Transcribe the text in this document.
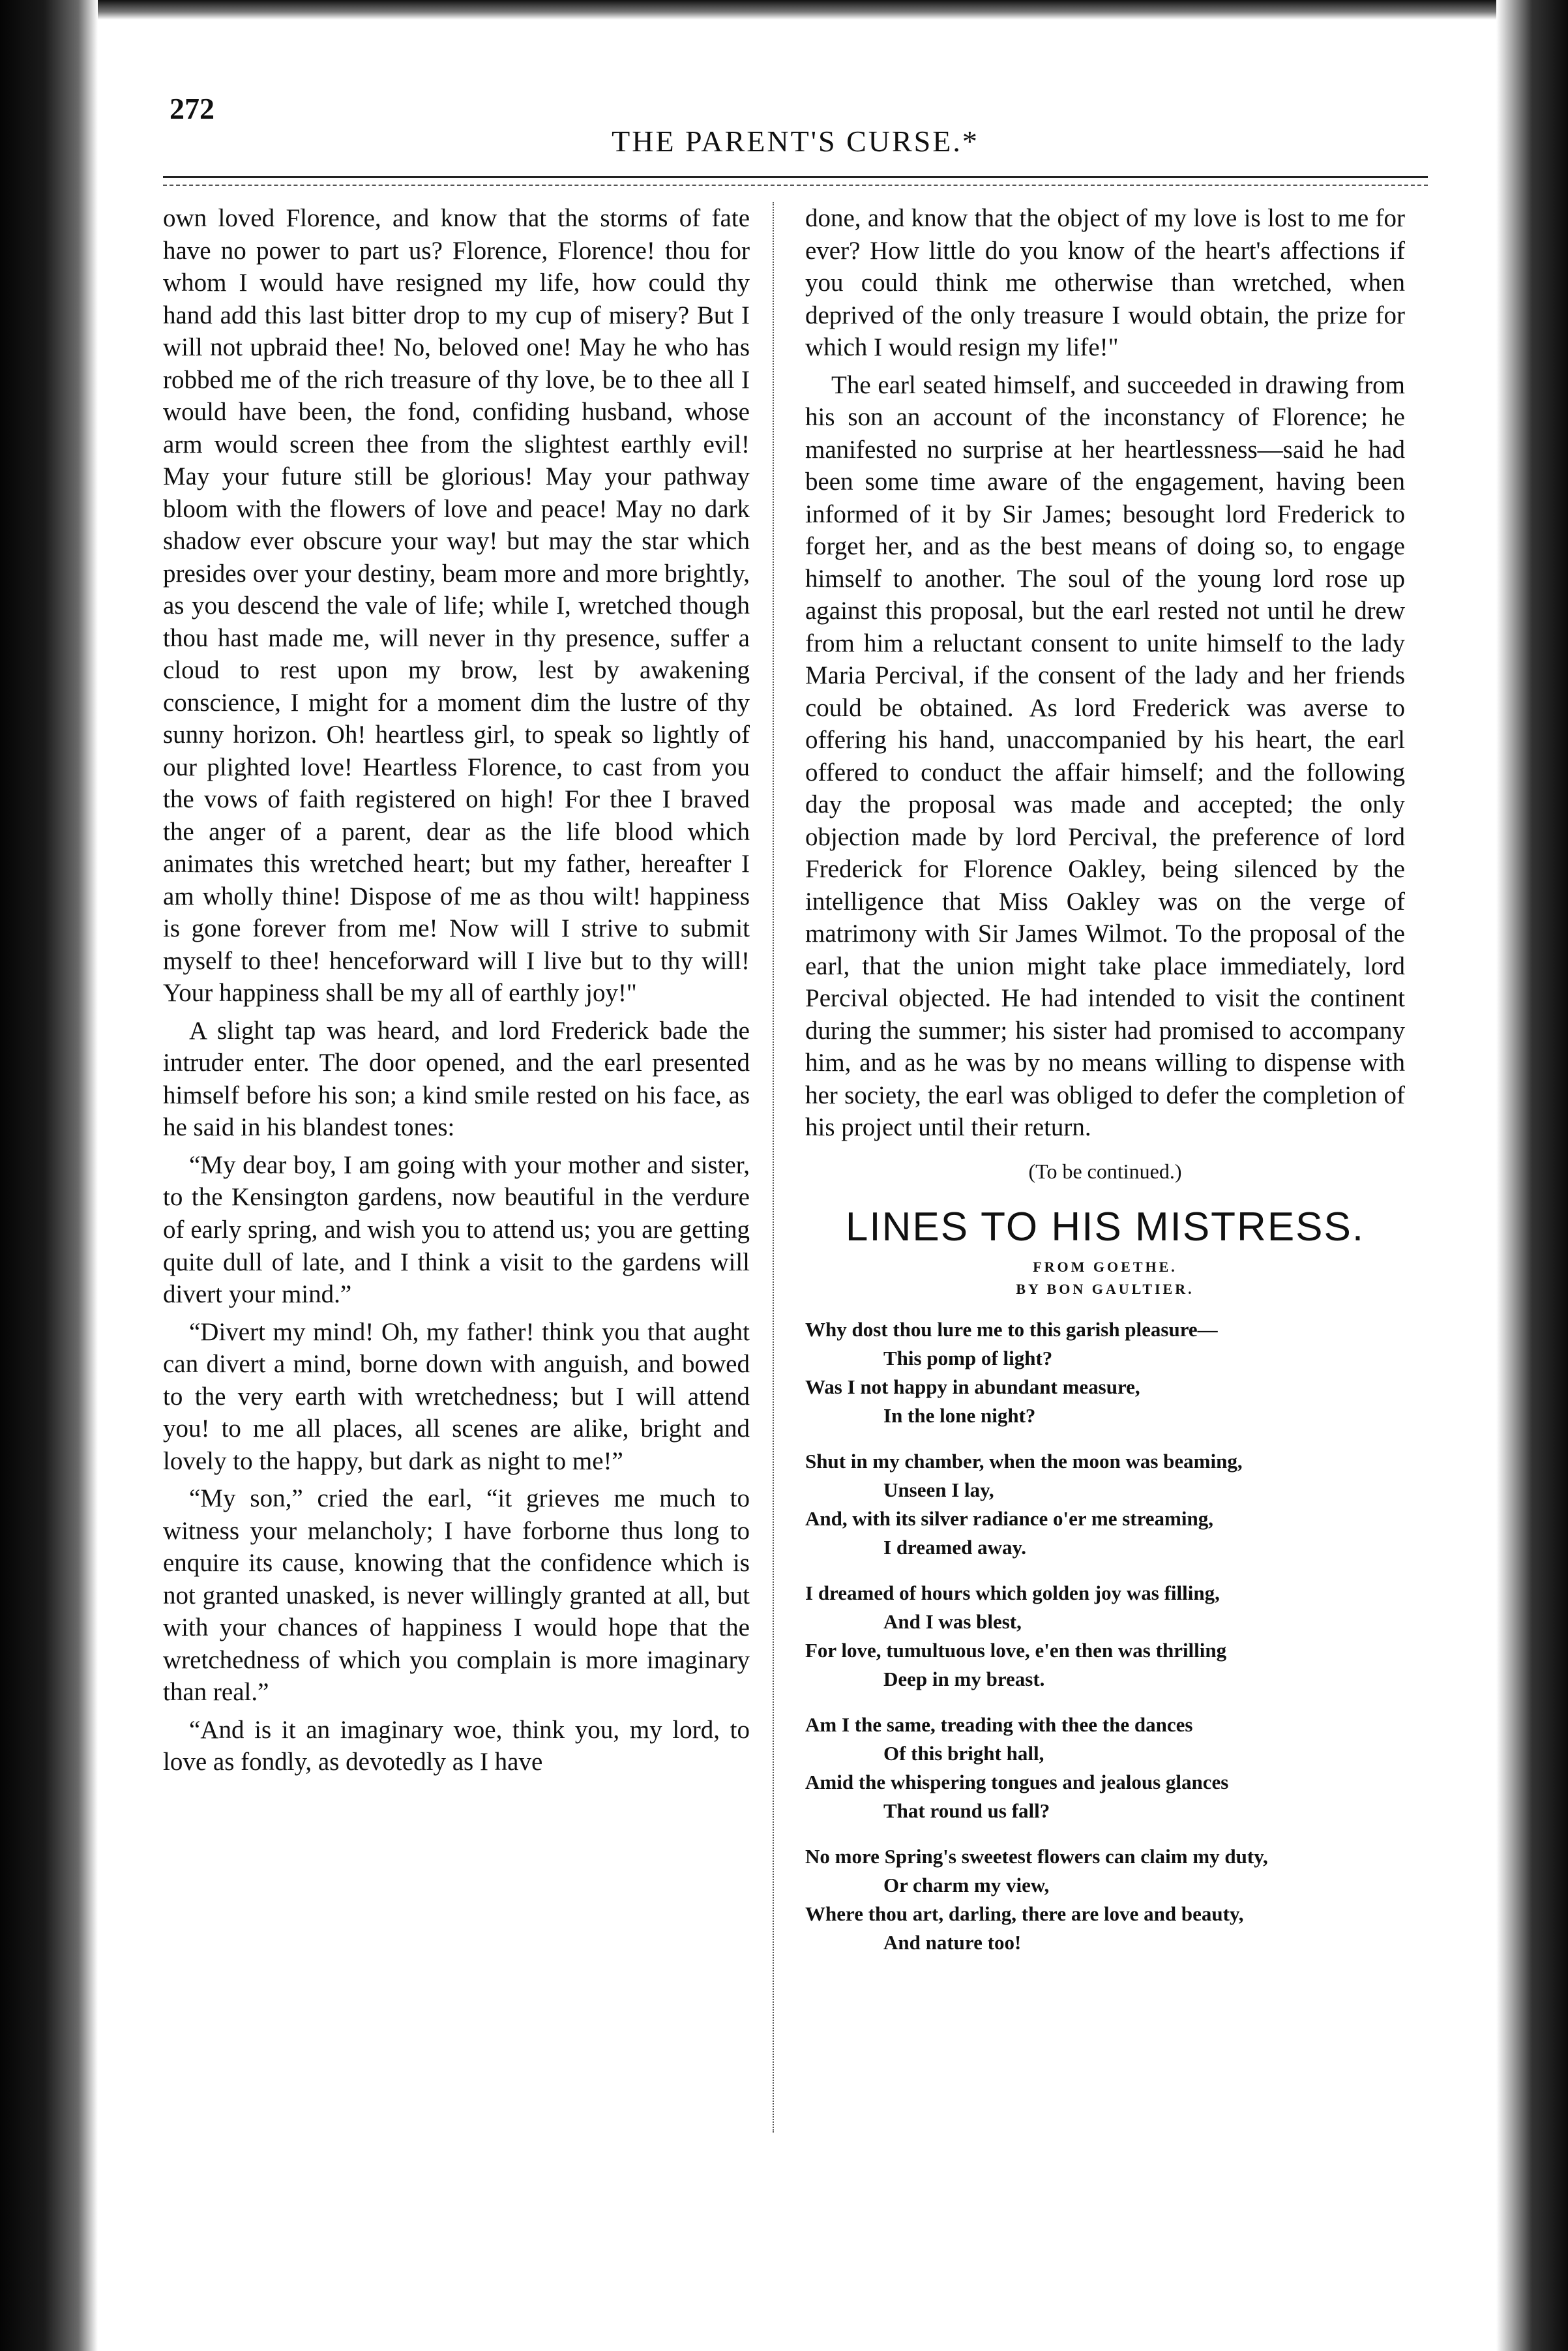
272
THE PARENT'S CURSE.*

own loved Florence, and know that the storms of fate have no power to part us? Florence, Florence! thou for whom I would have resigned my life, how could thy hand add this last bitter drop to my cup of misery? But I will not upbraid thee! No, beloved one! May he who has robbed me of the rich treasure of thy love, be to thee all I would have been, the fond, confiding husband, whose arm would screen thee from the slightest earthly evil! May your future still be glorious! May your pathway bloom with the flowers of love and peace! May no dark shadow ever obscure your way! but may the star which presides over your destiny, beam more and more brightly, as you descend the vale of life; while I, wretched though thou hast made me, will never in thy presence, suffer a cloud to rest upon my brow, lest by awakening conscience, I might for a moment dim the lustre of thy sunny horizon. Oh! heartless girl, to speak so lightly of our plighted love! Heartless Florence, to cast from you the vows of faith registered on high! For thee I braved the anger of a parent, dear as the life blood which animates this wretched heart; but my father, hereafter I am wholly thine! Dispose of me as thou wilt! happiness is gone forever from me! Now will I strive to submit myself to thee! henceforward will I live but to thy will! Your happiness shall be my all of earthly joy!"

A slight tap was heard, and lord Frederick bade the intruder enter. The door opened, and the earl presented himself before his son; a kind smile rested on his face, as he said in his blandest tones:

“My dear boy, I am going with your mother and sister, to the Kensington gardens, now beautiful in the verdure of early spring, and wish you to attend us; you are getting quite dull of late, and I think a visit to the gardens will divert your mind.”

“Divert my mind! Oh, my father! think you that aught can divert a mind, borne down with anguish, and bowed to the very earth with wretchedness; but I will attend you! to me all places, all scenes are alike, bright and lovely to the happy, but dark as night to me!”

“My son,” cried the earl, “it grieves me much to witness your melancholy; I have forborne thus long to enquire its cause, knowing that the confidence which is not granted unasked, is never willingly granted at all, but with your chances of happiness I would hope that the wretchedness of which you complain is more imaginary than real.”

“And is it an imaginary woe, think you, my lord, to love as fondly, as devotedly as I have

done, and know that the object of my love is lost to me for ever? How little do you know of the heart's affections if you could think me otherwise than wretched, when deprived of the only treasure I would obtain, the prize for which I would resign my life!"

The earl seated himself, and succeeded in drawing from his son an account of the inconstancy of Florence; he manifested no surprise at her heartlessness—said he had been some time aware of the engagement, having been informed of it by Sir James; besought lord Frederick to forget her, and as the best means of doing so, to engage himself to another. The soul of the young lord rose up against this proposal, but the earl rested not until he drew from him a reluctant consent to unite himself to the lady Maria Percival, if the consent of the lady and her friends could be obtained. As lord Frederick was averse to offering his hand, unaccompanied by his heart, the earl offered to conduct the affair himself; and the following day the proposal was made and accepted; the only objection made by lord Percival, the preference of lord Frederick for Florence Oakley, being silenced by the intelligence that Miss Oakley was on the verge of matrimony with Sir James Wilmot. To the proposal of the earl, that the union might take place immediately, lord Percival objected. He had intended to visit the continent during the summer; his sister had promised to accompany him, and as he was by no means willing to dispense with her society, the earl was obliged to defer the completion of his project until their return.

(To be continued.)
LINES TO HIS MISTRESS.
FROM GOETHE.
BY BON GAULTIER.
Why dost thou lure me to this garish pleasure—
This pomp of light?
Was I not happy in abundant measure,
In the lone night?
Shut in my chamber, when the moon was beaming,
Unseen I lay,
And, with its silver radiance o'er me streaming,
I dreamed away.
I dreamed of hours which golden joy was filling,
And I was blest,
For love, tumultuous love, e'en then was thrilling
Deep in my breast.
Am I the same, treading with thee the dances
Of this bright hall,
Amid the whispering tongues and jealous glances
That round us fall?
No more Spring's sweetest flowers can claim my duty,
Or charm my view,
Where thou art, darling, there are love and beauty,
And nature too!
